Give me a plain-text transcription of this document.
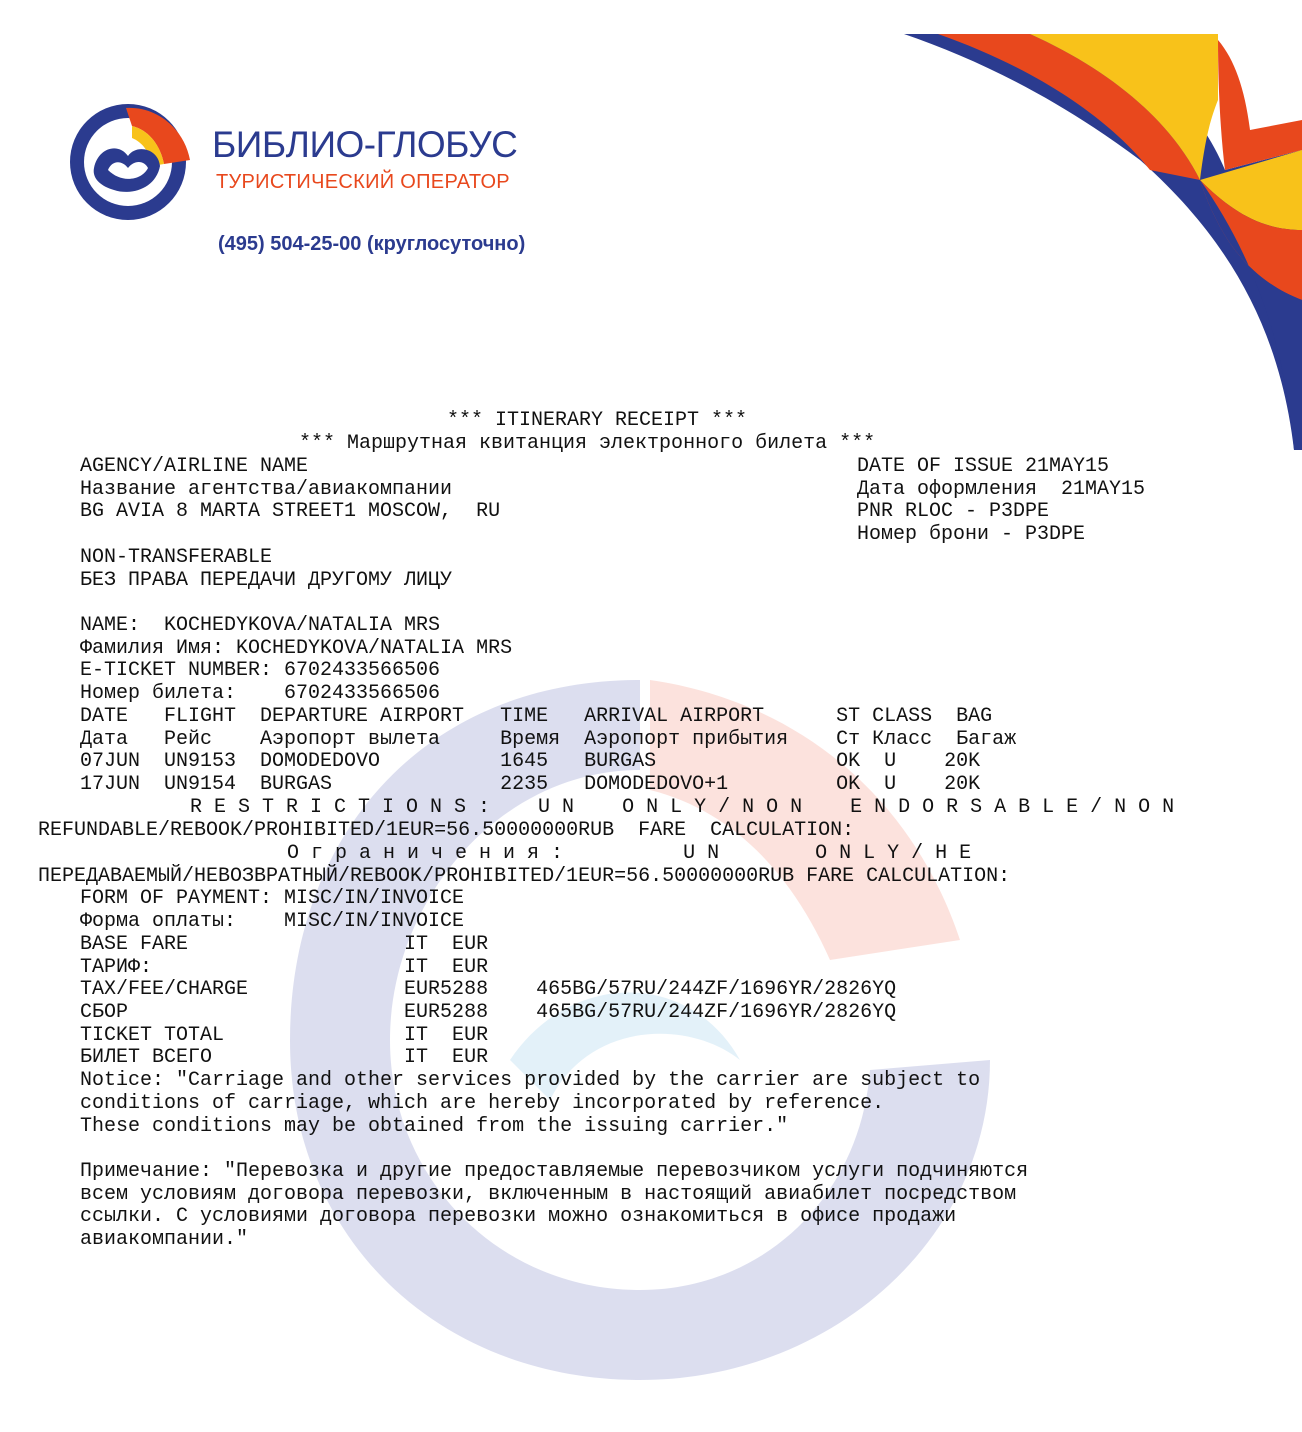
БИБЛИО-ГЛОБУС
ТУРИСТИЧЕСКИЙ ОПЕРАТОР
(495) 504-25-00 (круглосуточно)
*** ITINERARY RECEIPT ***
*** Маршрутная квитанция электронного билета ***
AGENCY/AIRLINE NAME
Название агентства/авиакомпании
BG AVIA 8 MARTA STREET1 MOSCOW,  RU
DATE OF ISSUE 21MAY15
Дата оформления  21MAY15
PNR RLOC - P3DPE
Номер брони - P3DPE
NON-TRANSFERABLE
БЕЗ ПРАВА ПЕРЕДАЧИ ДРУГОМУ ЛИЦУ
NAME:  KOCHEDYKOVA/NATALIA MRS
Фамилия Имя: KOCHEDYKOVA/NATALIA MRS
E-TICKET NUMBER: 6702433566506
Номер билета:    6702433566506
DATE   FLIGHT  DEPARTURE AIRPORT   TIME   ARRIVAL AIRPORT      ST CLASS  BAG
Дата   Рейс    Аэропорт вылета     Время  Аэропорт прибытия    Ст Класс  Багаж
07JUN  UN9153  DOMODEDOVO          1645   BURGAS               OK  U    20K
17JUN  UN9154  BURGAS              2235   DOMODEDOVO+1         OK  U    20K
R E S T R I C T I O N S :    U N    O N L Y / N O N    E N D O R S A B L E / N O N
REFUNDABLE/REBOOK/PROHIBITED/1EUR=56.50000000RUB  FARE  CALCULATION:
О г р а н и ч е н и я :          U N        O N L Y / Н Е
ПЕРЕДАВАЕМЫЙ/НЕВОЗВРАТНЫЙ/REBOOK/PROHIBITED/1EUR=56.50000000RUB FARE CALCULATION:
FORM OF PAYMENT: MISC/IN/INVOICE
Форма оплаты:    MISC/IN/INVOICE
BASE FARE                  IT  EUR
ТАРИФ:                     IT  EUR
TAX/FEE/CHARGE             EUR5288    465BG/57RU/244ZF/1696YR/2826YQ
СБОР                       EUR5288    465BG/57RU/244ZF/1696YR/2826YQ
TICKET TOTAL               IT  EUR
БИЛЕТ ВСЕГО                IT  EUR
Notice: "Carriage and other services provided by the carrier are subject to
conditions of carriage, which are hereby incorporated by reference.
These conditions may be obtained from the issuing carrier."
Примечание: "Перевозка и другие предоставляемые перевозчиком услуги подчиняются
всем условиям договора перевозки, включенным в настоящий авиабилет посредством
ссылки. С условиями договора перевозки можно ознакомиться в офисе продажи
авиакомпании."
